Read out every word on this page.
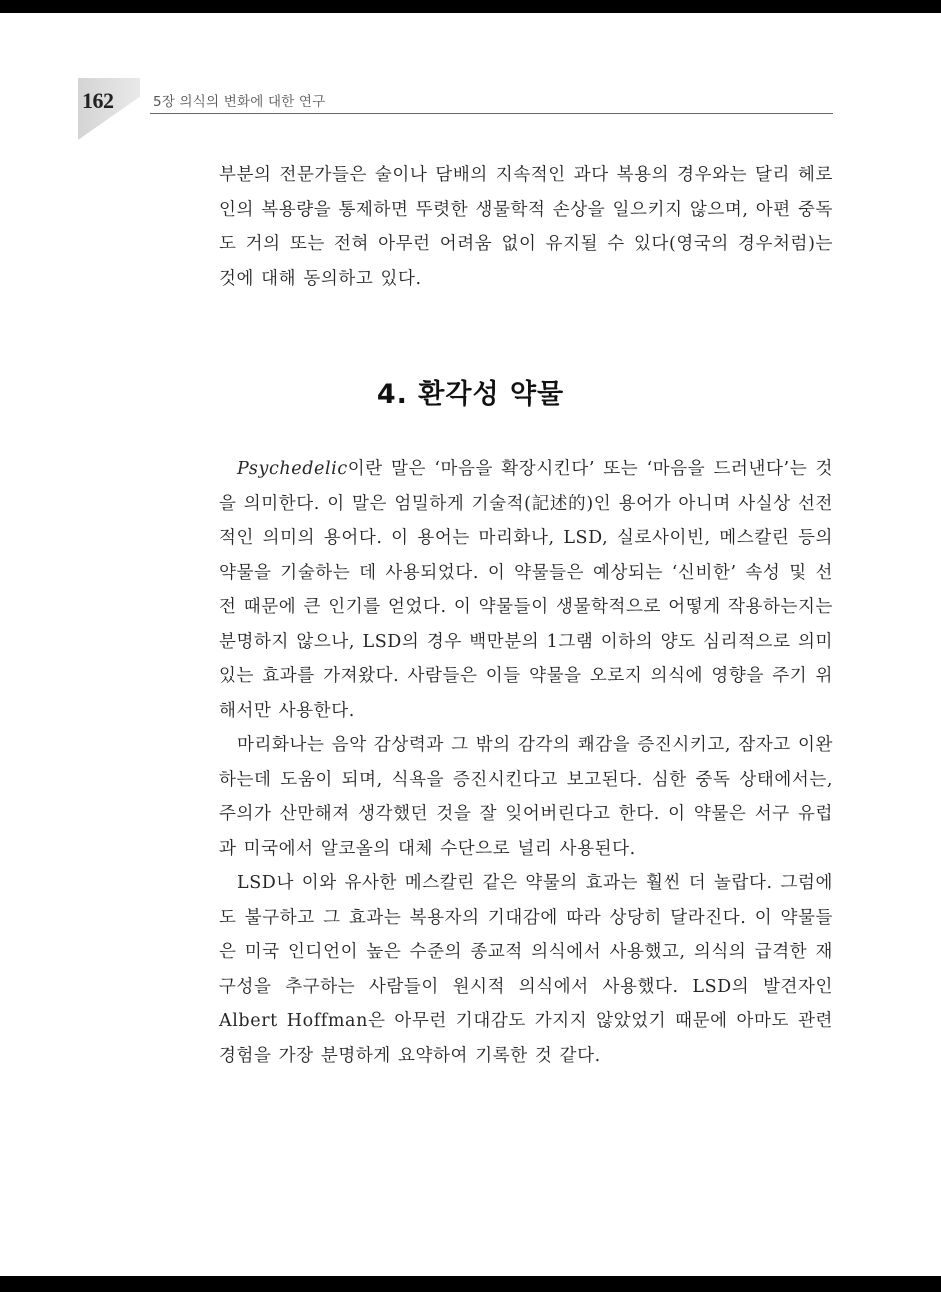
162	5장 의식의 변화에 대한 연구
부분의 전문가들은 술이나 담배의 지속적인 과다 복용의 경우와는 달리 헤로인의 복용량을 통제하면 뚜렷한 생물학적 손상을 일으키지 않으며, 아편 중독도 거의 또는 전혀 아무런 어려움 없이 유지될 수 있다(영국의 경우처럼)는 것에 대해 동의하고 있다.
4. 환각성 약물

Psychedelic이란 말은 ‘마음을 확장시킨다’ 또는 ‘마음을 드러낸다’는 것을 의미한다. 이 말은 엄밀하게 기술적(記述的)인 용어가 아니며 사실상 선전적인 의미의 용어다. 이 용어는 마리화나, LSD, 실로사이빈, 메스칼린 등의 약물을 기술하는 데 사용되었다. 이 약물들은 예상되는 ‘신비한’ 속성 및 선전 때문에 큰 인기를 얻었다. 이 약물들이 생물학적으로 어떻게 작용하는지는 분명하지 않으나, LSD의 경우 백만분의 1그램 이하의 양도 심리적으로 의미 있는 효과를 가져왔다. 사람들은 이들 약물을 오로지 의식에 영향을 주기 위해서만 사용한다.

마리화나는 음악 감상력과 그 밖의 감각의 쾌감을 증진시키고, 잠자고 이완하는데 도움이 되며, 식욕을 증진시킨다고 보고된다. 심한 중독 상태에서는, 주의가 산만해져 생각했던 것을 잘 잊어버린다고 한다. 이 약물은 서구 유럽과 미국에서 알코올의 대체 수단으로 널리 사용된다.

LSD나 이와 유사한 메스칼린 같은 약물의 효과는 훨씬 더 놀랍다. 그럼에도 불구하고 그 효과는 복용자의 기대감에 따라 상당히 달라진다. 이 약물들은 미국 인디언이 높은 수준의 종교적 의식에서 사용했고, 의식의 급격한 재구성을 추구하는 사람들이 원시적 의식에서 사용했다. LSD의 발견자인 Albert Hoffman은 아무런 기대감도 가지지 않았었기 때문에 아마도 관련 경험을 가장 분명하게 요약하여 기록한 것 같다.
